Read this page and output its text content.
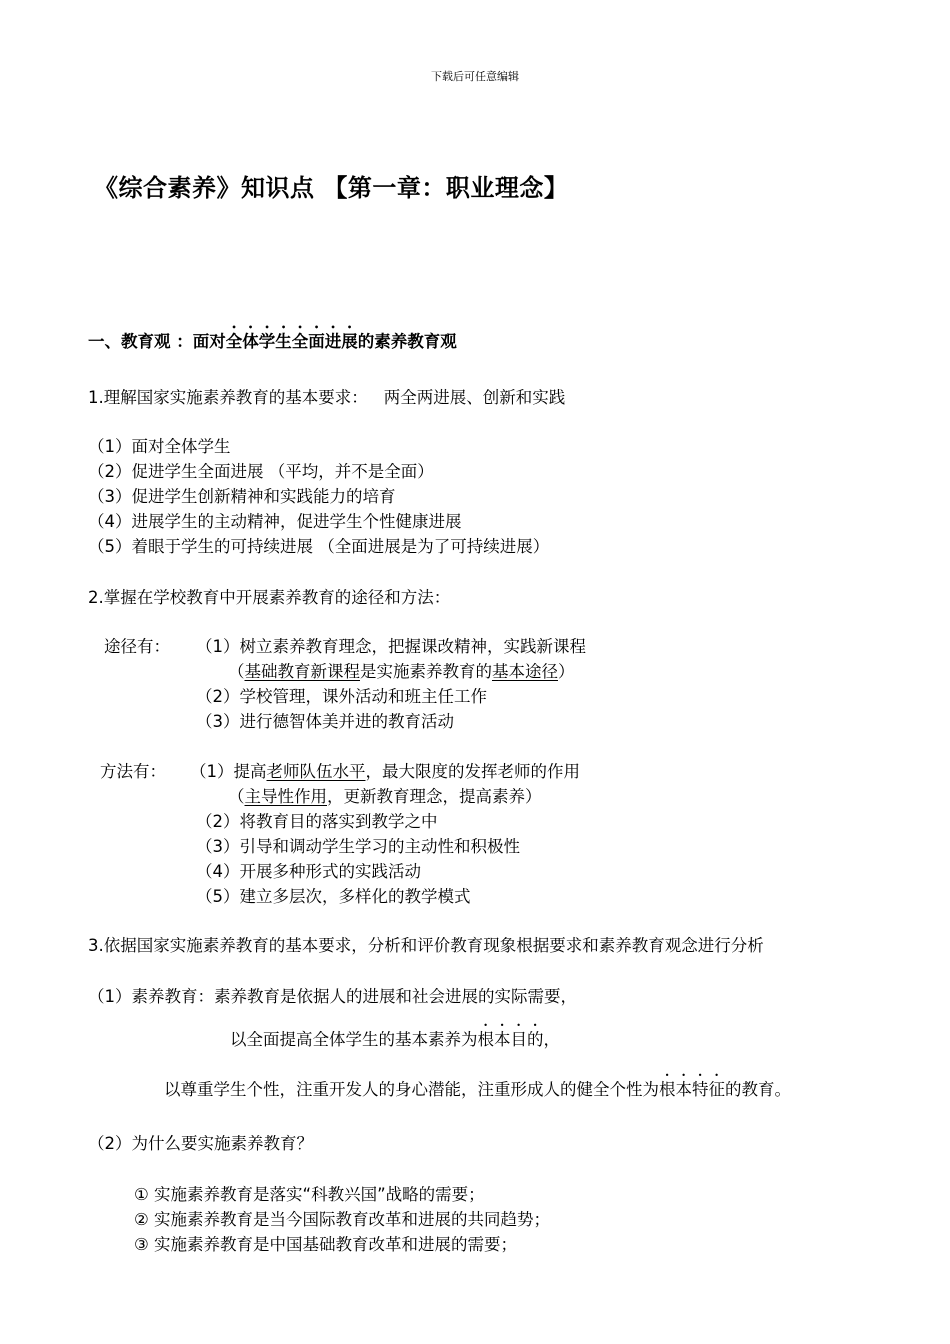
下载后可任意编辑
《综合素养》知识点 【第一章：职业理念】
一、教育观 ：面对全体学生全面进展的素养教育观
1.理解国家实施素养教育的基本要求： 两全两进展、创新和实践
（1）面对全体学生
（2）促进学生全面进展 （平均，并不是全面）
（3）促进学生创新精神和实践能力的培育
（4）进展学生的主动精神，促进学生个性健康进展
（5）着眼于学生的可持续进展 （全面进展是为了可持续进展）
2.掌握在学校教育中开展素养教育的途径和方法：
途径有： （1）树立素养教育理念，把握课改精神，实践新课程
（基础教育新课程是实施素养教育的基本途径）
（2）学校管理，课外活动和班主任工作
（3）进行德智体美并进的教育活动
方法有： （1）提高老师队伍水平，最大限度的发挥老师的作用
（主导性作用，更新教育理念，提高素养）
（2）将教育目的落实到教学之中
（3）引导和调动学生学习的主动性和积极性
（4）开展多种形式的实践活动
（5）建立多层次，多样化的教学模式
3.依据国家实施素养教育的基本要求，分析和评价教育现象根据要求和素养教育观念进行分析
（1）素养教育：素养教育是依据人的进展和社会进展的实际需要，
以全面提高全体学生的基本素养为根本目的，
以尊重学生个性，注重开发人的身心潜能，注重形成人的健全个性为根本特征的教育。
（2）为什么要实施素养教育？
① 实施素养教育是落实“科教兴国”战略的需要；
② 实施素养教育是当今国际教育改革和进展的共同趋势；
③ 实施素养教育是中国基础教育改革和进展的需要；
